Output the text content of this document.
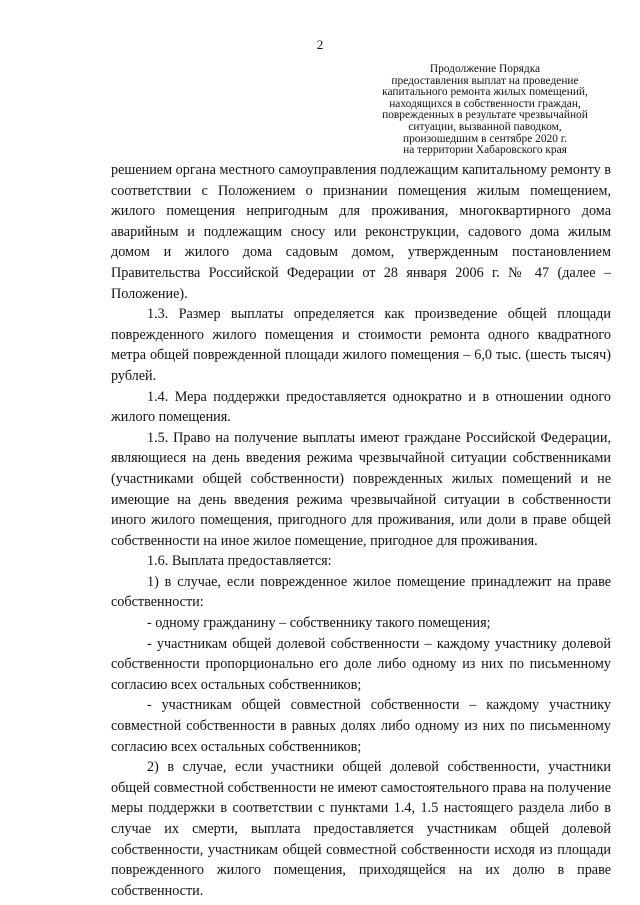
2
Продолжение Порядка
предоставления выплат на проведение
капитального ремонта жилых помещений,
находящихся в собственности граждан,
поврежденных в результате чрезвычайной
ситуации, вызванной паводком,
произошедшим в сентябре 2020 г.
на территории Хабаровского края

решением органа местного самоуправления подлежащим капитальному ремонту в соответствии с Положением о признании помещения жилым помещением, жилого помещения непригодным для проживания, многоквартирного дома аварийным и подлежащим сносу или реконструкции, садового дома жилым домом и жилого дома садовым домом, утвержденным постановлением Правительства Российской Федерации от 28 января 2006 г. № 47 (далее – Положение).

1.3. Размер выплаты определяется как произведение общей площади поврежденного жилого помещения и стоимости ремонта одного квадратного метра общей поврежденной площади жилого помещения – 6,0 тыс. (шесть тысяч) рублей.

1.4. Мера поддержки предоставляется однократно и в отношении одного жилого помещения.

1.5. Право на получение выплаты имеют граждане Российской Федерации, являющиеся на день введения режима чрезвычайной ситуации собственниками (участниками общей собственности) поврежденных жилых помещений и не имеющие на день введения режима чрезвычайной ситуации в собственности иного жилого помещения, пригодного для проживания, или доли в праве общей собственности на иное жилое помещение, пригодное для проживания.

1.6. Выплата предоставляется:

1) в случае, если поврежденное жилое помещение принадлежит на праве собственности:

- одному гражданину – собственнику такого помещения;

- участникам общей долевой собственности – каждому участнику долевой собственности пропорционально его доле либо одному из них по письменному согласию всех остальных собственников;

- участникам общей совместной собственности – каждому участнику совместной собственности в равных долях либо одному из них по письменному согласию всех остальных собственников;

2) в случае, если участники общей долевой собственности, участники общей совместной собственности не имеют самостоятельного права на получение меры поддержки в соответствии с пунктами 1.4, 1.5 настоящего раздела либо в случае их смерти, выплата предоставляется участникам общей долевой собственности, участникам общей совместной собственности исходя из площади поврежденного жилого помещения, приходящейся на их долю в праве собственности.
